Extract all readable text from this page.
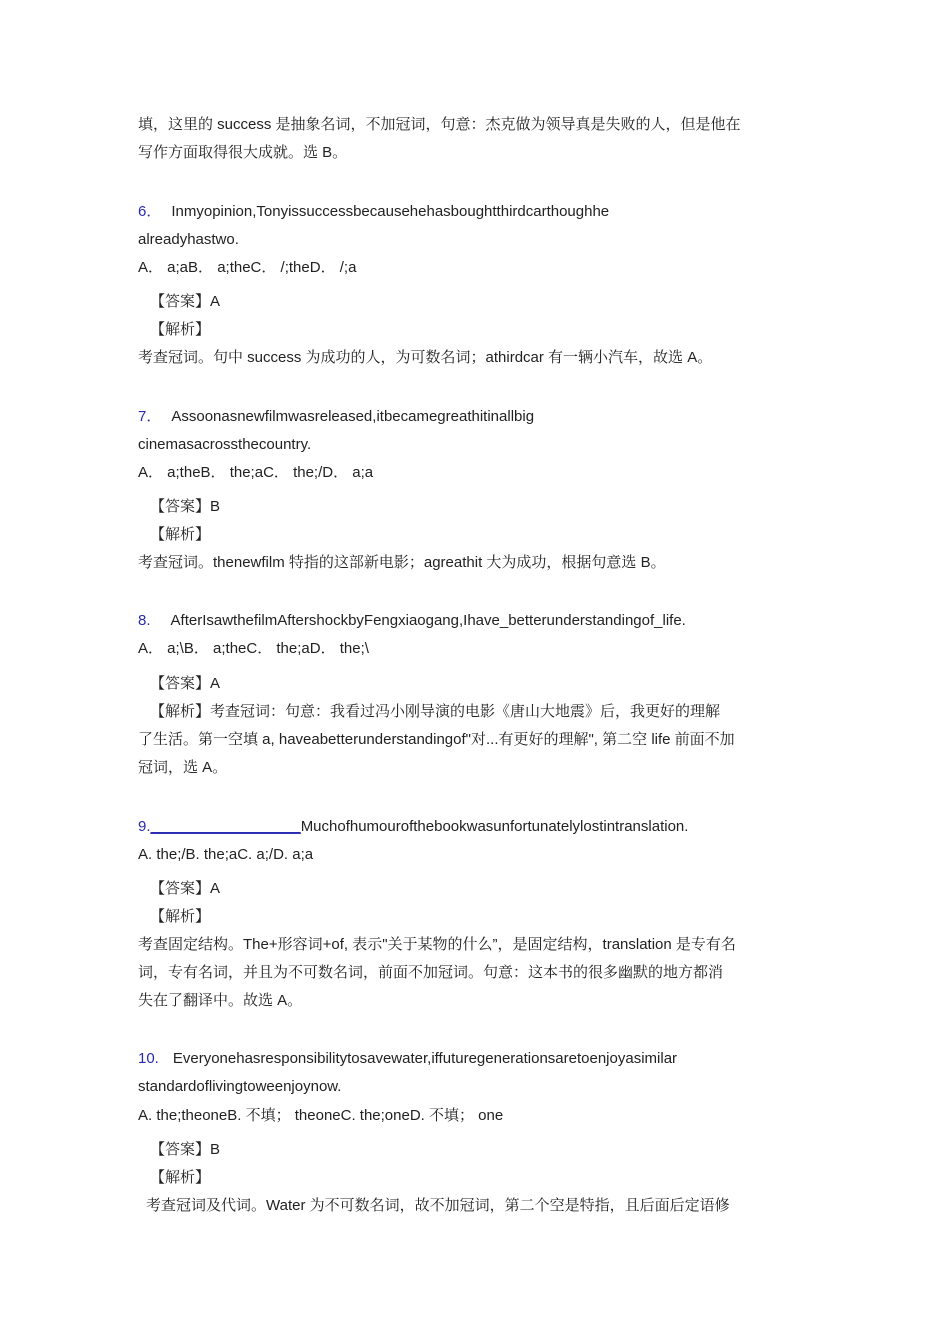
填，这里的 success 是抽象名词，不加冠词，句意：杰克做为领导真是失败的人，但是他在
写作方面取得很大成就。选 B。
6． Inmyopinion,Tonyissuccessbecausehehasboughtthirdcarthoughhe
alreadyhastwo.
A． a;aB． a;theC． /;theD． /;a
【答案】A
【解析】
考查冠词。句中 success 为成功的人，为可数名词；athirdcar 有一辆小汽车，故选 A。
7． Assoonasnewfilmwasreleased,itbecamegreathitinallbig
cinemasacrossthecountry.
A． a;theB． the;aC． the;/D． a;a
【答案】B
【解析】
考查冠词。thenewfilm 特指的这部新电影；agreathit 大为成功，根据句意选 B。
8. AfterIsawthefilmAftershockbyFengxiaogang,Ihave_betterunderstandingof_life.
A． a;\B． a;theC． the;aD． the;\
【答案】A
【解析】考查冠词：句意：我看过冯小刚导演的电影《唐山大地震》后，我更好的理解
了生活。第一空填 a, haveabetterunderstandingof"对...有更好的理解", 第二空 life 前面不加
冠词，选 A。
9.__________________Muchofhumourofthebookwasunfortunatelylostintranslation.
A. the;/B. the;aC. a;/D. a;a
【答案】A
【解析】
考查固定结构。The+形容词+of, 表示"关于某物的什么”，是固定结构，translation 是专有名
词，专有名词，并且为不可数名词，前面不加冠词。句意：这本书的很多幽默的地方都消
失在了翻译中。故选 A。
10. Everyonehasresponsibilitytosavewater,iffuturegenerationsaretoenjoyasimilar
standardoflivingtoweenjoynow.
A. the;theoneB. 不填； theoneC. the;oneD. 不填； one
【答案】B
【解析】
考查冠词及代词。Water 为不可数名词，故不加冠词，第二个空是特指，且后面后定语修
